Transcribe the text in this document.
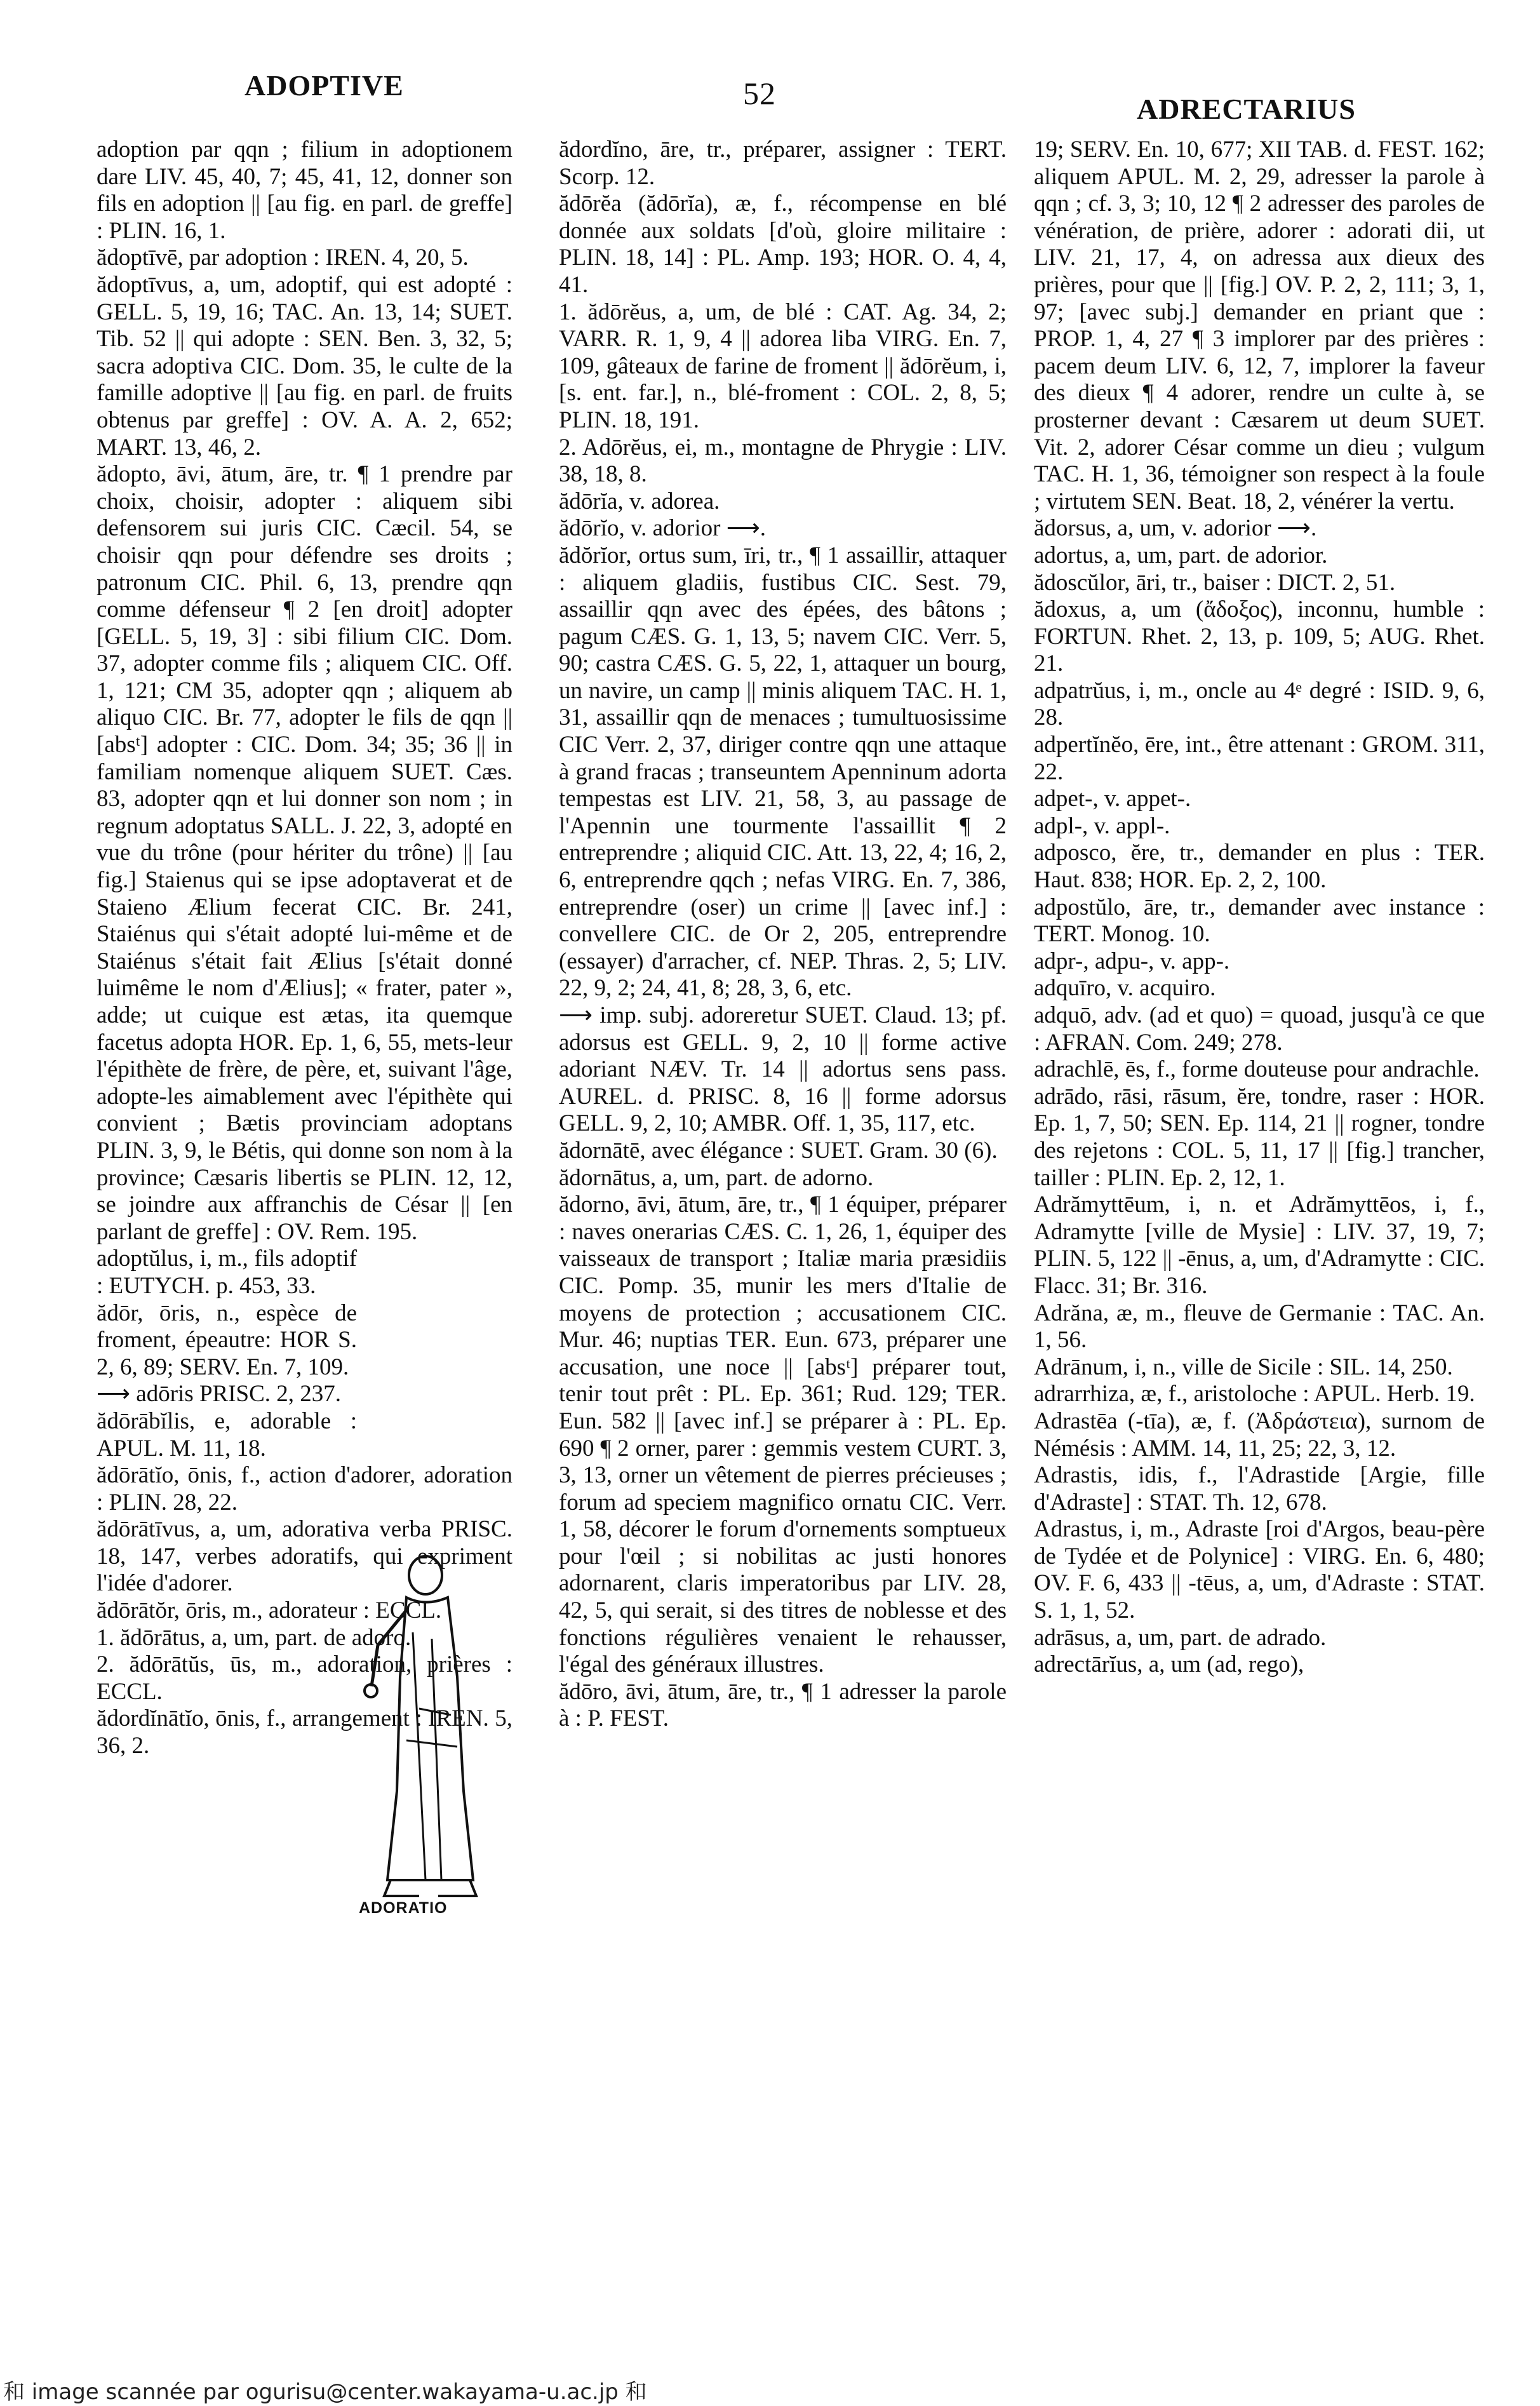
ADOPTIVE	52	ADRECTARIUS

adoption par qqn ; filium in adoptionem dare LIV. 45, 40, 7; 45, 41, 12, donner son fils en adoption || [au fig. en parl. de greffe] : PLIN. 16, 1.

ădoptīvē, par adoption : IREN. 4, 20, 5.

ădoptīvus, a, um, adoptif, qui est adopté : GELL. 5, 19, 16; TAC. An. 13, 14; SUET. Tib. 52 || qui adopte : SEN. Ben. 3, 32, 5; sacra adoptiva CIC. Dom. 35, le culte de la famille adoptive || [au fig. en parl. de fruits obtenus par greffe] : OV. A. A. 2, 652; MART. 13, 46, 2.

ădopto, āvi, ātum, āre, tr. ¶ 1 prendre par choix, choisir, adopter : aliquem sibi defensorem sui juris CIC. Cæcil. 54, se choisir qqn pour défendre ses droits ; patronum CIC. Phil. 6, 13, prendre qqn comme défenseur ¶ 2 [en droit] adopter [GELL. 5, 19, 3] : sibi filium CIC. Dom. 37, adopter comme fils ; aliquem CIC. Off. 1, 121; CM 35, adopter qqn ; aliquem ab aliquo CIC. Br. 77, adopter le fils de qqn || [absᵗ] adopter : CIC. Dom. 34; 35; 36 || in familiam nomenque aliquem SUET. Cæs. 83, adopter qqn et lui donner son nom ; in regnum adoptatus SALL. J. 22, 3, adopté en vue du trône (pour hériter du trône) || [au fig.] Staienus qui se ipse adoptaverat et de Staieno Ælium fecerat CIC. Br. 241, Staiénus qui s'était adopté lui-même et de Staiénus s'était fait Ælius [s'était donné luimême le nom d'Ælius]; « frater, pater », adde; ut cuique est ætas, ita quemque facetus adopta HOR. Ep. 1, 6, 55, mets-leur l'épithète de frère, de père, et, suivant l'âge, adopte-les aimablement avec l'épithète qui convient ; Bætis provinciam adoptans PLIN. 3, 9, le Bétis, qui donne son nom à la province; Cæsaris libertis se PLIN. 12, 12, se joindre aux affranchis de César || [en parlant de greffe] : OV. Rem. 195.

adoptŭlus, i, m., fils adoptif : EUTYCH. p. 453, 33.

ădōr, ōris, n., espèce de froment, épeautre: HOR S. 2, 6, 89; SERV. En. 7, 109.

⟶ adōris PRISC. 2, 237.

ădōrābĭlis, e, adorable : APUL. M. 11, 18.

ădōrātĭo, ōnis, f., action d'adorer, adoration : PLIN. 28, 22.

ădōrātīvus, a, um, adorativa verba PRISC. 18, 147, verbes adoratifs, qui expriment l'idée d'adorer.

ădōrātŏr, ōris, m., adorateur : ECCL.

1. ădōrātus, a, um, part. de adoro.

2. ădōrātŭs, ūs, m., adoration, prières : ECCL.

ădordĭnātĭo, ōnis, f., arrangement : IREN. 5, 36, 2.

ADORATIO

ădordĭno, āre, tr., préparer, assigner : TERT. Scorp. 12.

ădōrĕa (ădōrĭa), æ, f., récompense en blé donnée aux soldats [d'où, gloire militaire : PLIN. 18, 14] : PL. Amp. 193; HOR. O. 4, 4, 41.

1. ădōrĕus, a, um, de blé : CAT. Ag. 34, 2; VARR. R. 1, 9, 4 || adorea liba VIRG. En. 7, 109, gâteaux de farine de froment || ădōrĕum, i, [s. ent. far.], n., blé-froment : COL. 2, 8, 5; PLIN. 18, 191.

2. Adōrĕus, ei, m., montagne de Phrygie : LIV. 38, 18, 8.

ădōrĭa, v. adorea.

ădōrĭo, v. adorior ⟶.

ădŏrĭor, ortus sum, īri, tr., ¶ 1 assaillir, attaquer : aliquem gladiis, fustibus CIC. Sest. 79, assaillir qqn avec des épées, des bâtons ; pagum CÆS. G. 1, 13, 5; navem CIC. Verr. 5, 90; castra CÆS. G. 5, 22, 1, attaquer un bourg, un navire, un camp || minis aliquem TAC. H. 1, 31, assaillir qqn de menaces ; tumultuosissime CIC Verr. 2, 37, diriger contre qqn une attaque à grand fracas ; transeuntem Apenninum adorta tempestas est LIV. 21, 58, 3, au passage de l'Apennin une tourmente l'assaillit ¶ 2 entreprendre ; aliquid CIC. Att. 13, 22, 4; 16, 2, 6, entreprendre qqch ; nefas VIRG. En. 7, 386, entreprendre (oser) un crime || [avec inf.] : convellere CIC. de Or 2, 205, entreprendre (essayer) d'arracher, cf. NEP. Thras. 2, 5; LIV. 22, 9, 2; 24, 41, 8; 28, 3, 6, etc.

⟶ imp. subj. adoreretur SUET. Claud. 13; pf. adorsus est GELL. 9, 2, 10 || forme active adoriant NÆV. Tr. 14 || adortus sens pass. AUREL. d. PRISC. 8, 16 || forme adorsus GELL. 9, 2, 10; AMBR. Off. 1, 35, 117, etc.

ădornātē, avec élégance : SUET. Gram. 30 (6).

ădornātus, a, um, part. de adorno.

ădorno, āvi, ātum, āre, tr., ¶ 1 équiper, préparer : naves onerarias CÆS. C. 1, 26, 1, équiper des vaisseaux de transport ; Italiæ maria præsidiis CIC. Pomp. 35, munir les mers d'Italie de moyens de protection ; accusationem CIC. Mur. 46; nuptias TER. Eun. 673, préparer une accusation, une noce || [absᵗ] préparer tout, tenir tout prêt : PL. Ep. 361; Rud. 129; TER. Eun. 582 || [avec inf.] se préparer à : PL. Ep. 690 ¶ 2 orner, parer : gemmis vestem CURT. 3, 3, 13, orner un vêtement de pierres précieuses ; forum ad speciem magnifico ornatu CIC. Verr. 1, 58, décorer le forum d'ornements somptueux pour l'œil ; si nobilitas ac justi honores adornarent, claris imperatoribus par LIV. 28, 42, 5, qui serait, si des titres de noblesse et des fonctions régulières venaient le rehausser, l'égal des généraux illustres.

ădōro, āvi, ātum, āre, tr., ¶ 1 adresser la parole à : P. FEST.

19; SERV. En. 10, 677; XII TAB. d. FEST. 162; aliquem APUL. M. 2, 29, adresser la parole à qqn ; cf. 3, 3; 10, 12 ¶ 2 adresser des paroles de vénération, de prière, adorer : adorati dii, ut LIV. 21, 17, 4, on adressa aux dieux des prières, pour que || [fig.] OV. P. 2, 2, 111; 3, 1, 97; [avec subj.] demander en priant que : PROP. 1, 4, 27 ¶ 3 implorer par des prières : pacem deum LIV. 6, 12, 7, implorer la faveur des dieux ¶ 4 adorer, rendre un culte à, se prosterner devant : Cæsarem ut deum SUET. Vit. 2, adorer César comme un dieu ; vulgum TAC. H. 1, 36, témoigner son respect à la foule ; virtutem SEN. Beat. 18, 2, vénérer la vertu.

ădorsus, a, um, v. adorior ⟶.

adortus, a, um, part. de adorior.

ădoscŭlor, āri, tr., baiser : DICT. 2, 51.

ădoxus, a, um (ἄδοξος), inconnu, humble : FORTUN. Rhet. 2, 13, p. 109, 5; AUG. Rhet. 21.

adpatrŭus, i, m., oncle au 4ᵉ degré : ISID. 9, 6, 28.

adpertĭnĕo, ēre, int., être attenant : GROM. 311, 22.

adpet-, v. appet-.

adpl-, v. appl-.

adposco, ĕre, tr., demander en plus : TER. Haut. 838; HOR. Ep. 2, 2, 100.

adpostŭlo, āre, tr., demander avec instance : TERT. Monog. 10.

adpr-, adpu-, v. app-.

adquīro, v. acquiro.

adquō, adv. (ad et quo) = quoad, jusqu'à ce que : AFRAN. Com. 249; 278.

adrachlē, ēs, f., forme douteuse pour andrachle.

adrādo, rāsi, rāsum, ĕre, tondre, raser : HOR. Ep. 1, 7, 50; SEN. Ep. 114, 21 || rogner, tondre des rejetons : COL. 5, 11, 17 || [fig.] trancher, tailler : PLIN. Ep. 2, 12, 1.

Adrămyttēum, i, n. et Adrămyttēos, i, f., Adramytte [ville de Mysie] : LIV. 37, 19, 7; PLIN. 5, 122 || -ēnus, a, um, d'Adramytte : CIC. Flacc. 31; Br. 316.

Adrăna, æ, m., fleuve de Germanie : TAC. An. 1, 56.

Adrānum, i, n., ville de Sicile : SIL. 14, 250.

adrarrhiza, æ, f., aristoloche : APUL. Herb. 19.

Adrastēa (-tīa), æ, f. (Ἀδράστεια), surnom de Némésis : AMM. 14, 11, 25; 22, 3, 12.

Adrastis, idis, f., l'Adrastide [Argie, fille d'Adraste] : STAT. Th. 12, 678.

Adrastus, i, m., Adraste [roi d'Argos, beau-père de Tydée et de Polynice] : VIRG. En. 6, 480; OV. F. 6, 433 || -tēus, a, um, d'Adraste : STAT. S. 1, 1, 52.

adrāsus, a, um, part. de adrado.

adrectārĭus, a, um (ad, rego),

和 image scannée par ogurisu@center.wakayama-u.ac.jp 和
